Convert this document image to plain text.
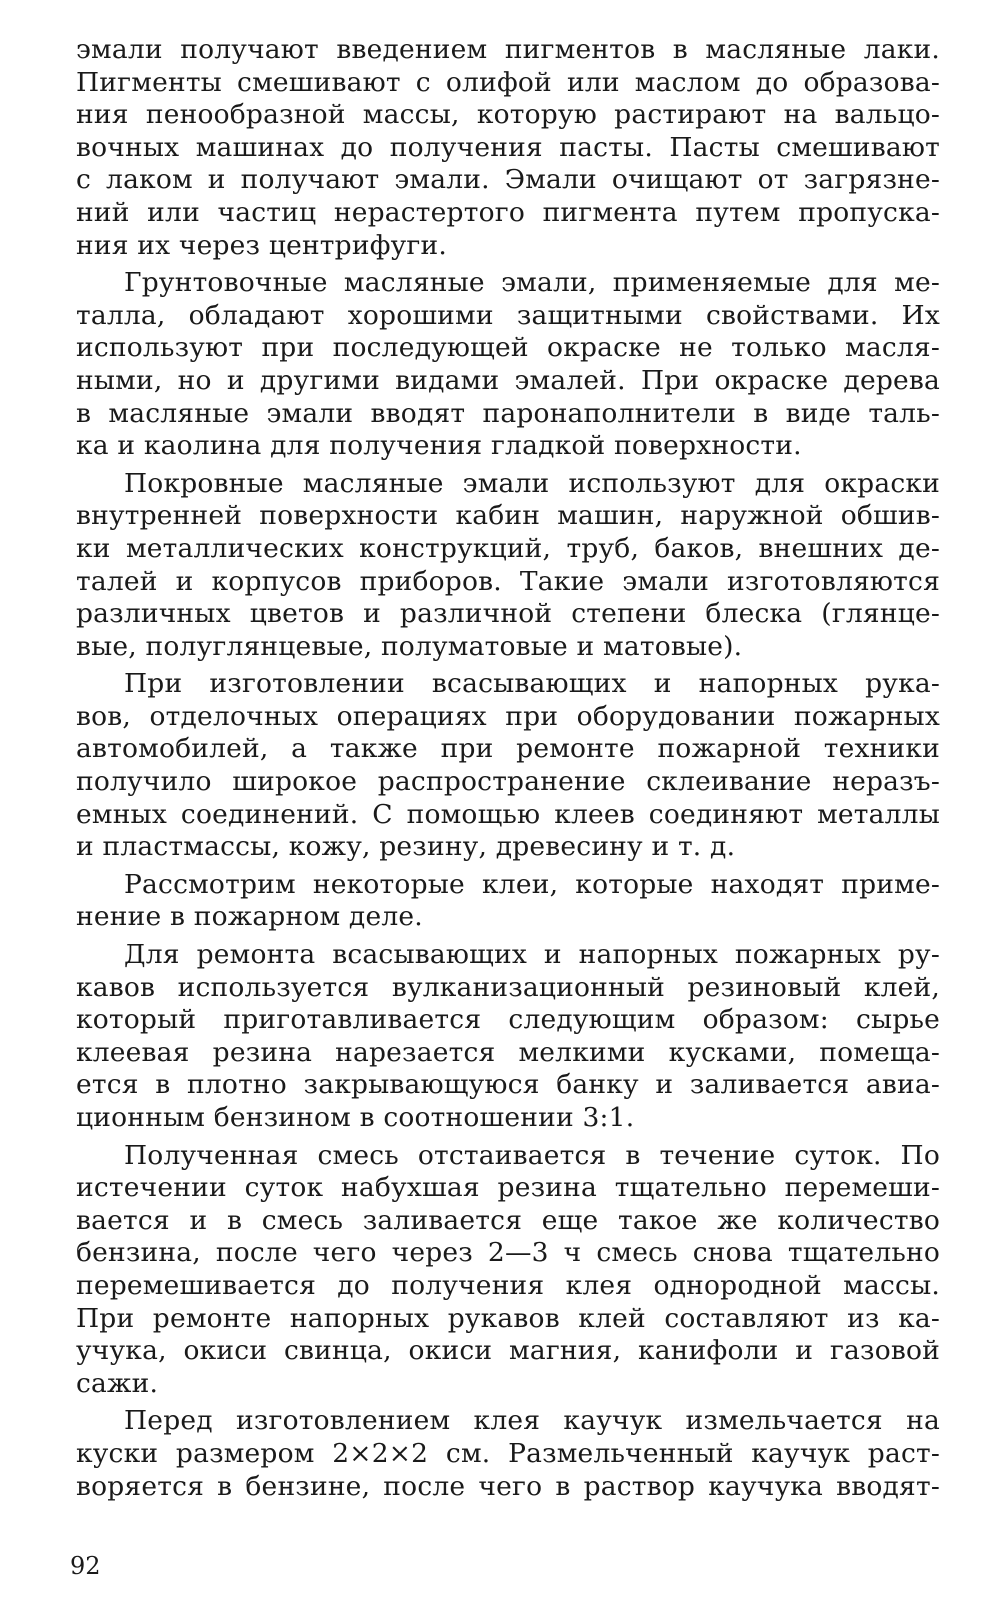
эмали получают введением пигментов в масляные лаки.
Пигменты смешивают с олифой или маслом до образова-
ния пенообразной массы, которую растирают на вальцо-
вочных машинах до получения пасты. Пасты смешивают
с лаком и получают эмали. Эмали очищают от загрязне-
ний или частиц нерастертого пигмента путем пропуска-
ния их через центрифуги.
Грунтовочные масляные эмали, применяемые для ме-
талла, обладают хорошими защитными свойствами. Их
используют при последующей окраске не только масля-
ными, но и другими видами эмалей. При окраске дерева
в масляные эмали вводят паронаполнители в виде таль-
ка и каолина для получения гладкой поверхности.
Покровные масляные эмали используют для окраски
внутренней поверхности кабин машин, наружной обшив-
ки металлических конструкций, труб, баков, внешних де-
талей и корпусов приборов. Такие эмали изготовляются
различных цветов и различной степени блеска (глянце-
вые, полуглянцевые, полуматовые и матовые).
При изготовлении всасывающих и напорных рука-
вов, отделочных операциях при оборудовании пожарных
автомобилей, а также при ремонте пожарной техники
получило широкое распространение склеивание неразъ-
емных соединений. С помощью клеев соединяют металлы
и пластмассы, кожу, резину, древесину и т. д.
Рассмотрим некоторые клеи, которые находят приме-
нение в пожарном деле.
Для ремонта всасывающих и напорных пожарных ру-
кавов используется вулканизационный резиновый клей,
который приготавливается следующим образом: сырье
клеевая резина нарезается мелкими кусками, помеща-
ется в плотно закрывающуюся банку и заливается авиа-
ционным бензином в соотношении 3:1.
Полученная смесь отстаивается в течение суток. По
истечении суток набухшая резина тщательно перемеши-
вается и в смесь заливается еще такое же количество
бензина, после чего через 2—3 ч смесь снова тщательно
перемешивается до получения клея однородной массы.
При ремонте напорных рукавов клей составляют из ка-
учука, окиси свинца, окиси магния, канифоли и газовой
сажи.
Перед изготовлением клея каучук измельчается на
куски размером 2×2×2 см. Размельченный каучук раст-
воряется в бензине, после чего в раствор каучука вводят-
92
